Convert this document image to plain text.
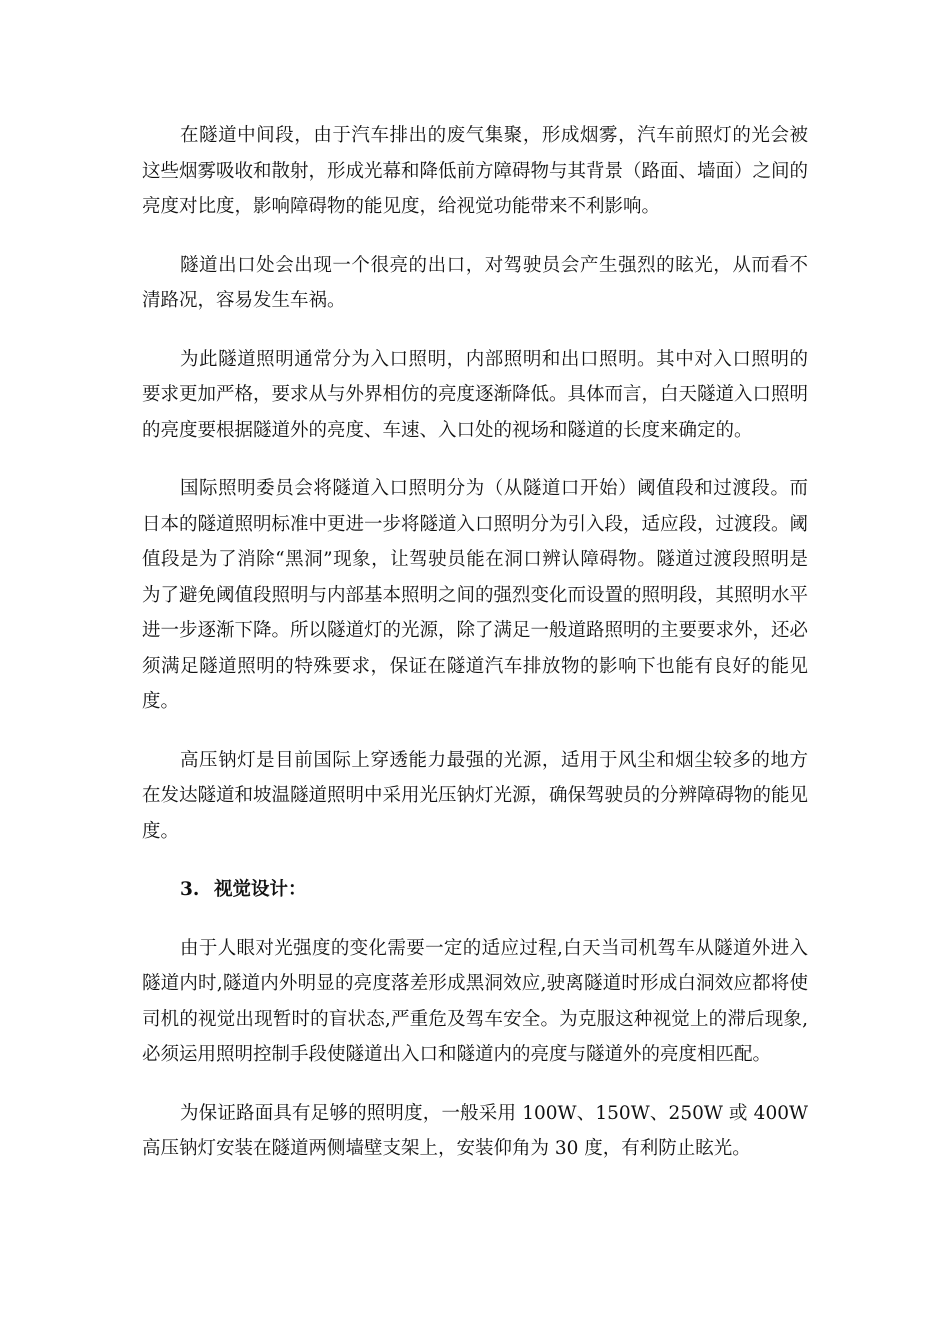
在隧道中间段，由于汽车排出的废气集聚，形成烟雾，汽车前照灯的光会被这些烟雾吸收和散射，形成光幕和降低前方障碍物与其背景（路面、墙面）之间的亮度对比度，影响障碍物的能见度，给视觉功能带来不利影响。

隧道出口处会出现一个很亮的出口，对驾驶员会产生强烈的眩光，从而看不清路况，容易发生车祸。

为此隧道照明通常分为入口照明，内部照明和出口照明。其中对入口照明的要求更加严格，要求从与外界相仿的亮度逐渐降低。具体而言，白天隧道入口照明的亮度要根据隧道外的亮度、车速、入口处的视场和隧道的长度来确定的。

国际照明委员会将隧道入口照明分为（从隧道口开始）阈值段和过渡段。而日本的隧道照明标准中更进一步将隧道入口照明分为引入段，适应段，过渡段。阈值段是为了消除“黑洞”现象，让驾驶员能在洞口辨认障碍物。隧道过渡段照明是为了避免阈值段照明与内部基本照明之间的强烈变化而设置的照明段，其照明水平进一步逐渐下降。所以隧道灯的光源，除了满足一般道路照明的主要要求外，还必须满足隧道照明的特殊要求，保证在隧道汽车排放物的影响下也能有良好的能见度。

高压钠灯是目前国际上穿透能力最强的光源，适用于风尘和烟尘较多的地方在发达隧道和坡温隧道照明中采用光压钠灯光源，确保驾驶员的分辨障碍物的能见度。

3. 视觉设计：

由于人眼对光强度的变化需要一定的适应过程,白天当司机驾车从隧道外进入隧道内时,隧道内外明显的亮度落差形成黑洞效应,驶离隧道时形成白洞效应都将使司机的视觉出现暂时的盲状态,严重危及驾车安全。为克服这种视觉上的滞后现象,必须运用照明控制手段使隧道出入口和隧道内的亮度与隧道外的亮度相匹配。

为保证路面具有足够的照明度，一般采用 100W、150W、250W 或 400W 高压钠灯安装在隧道两侧墙壁支架上，安装仰角为 30 度，有利防止眩光。
